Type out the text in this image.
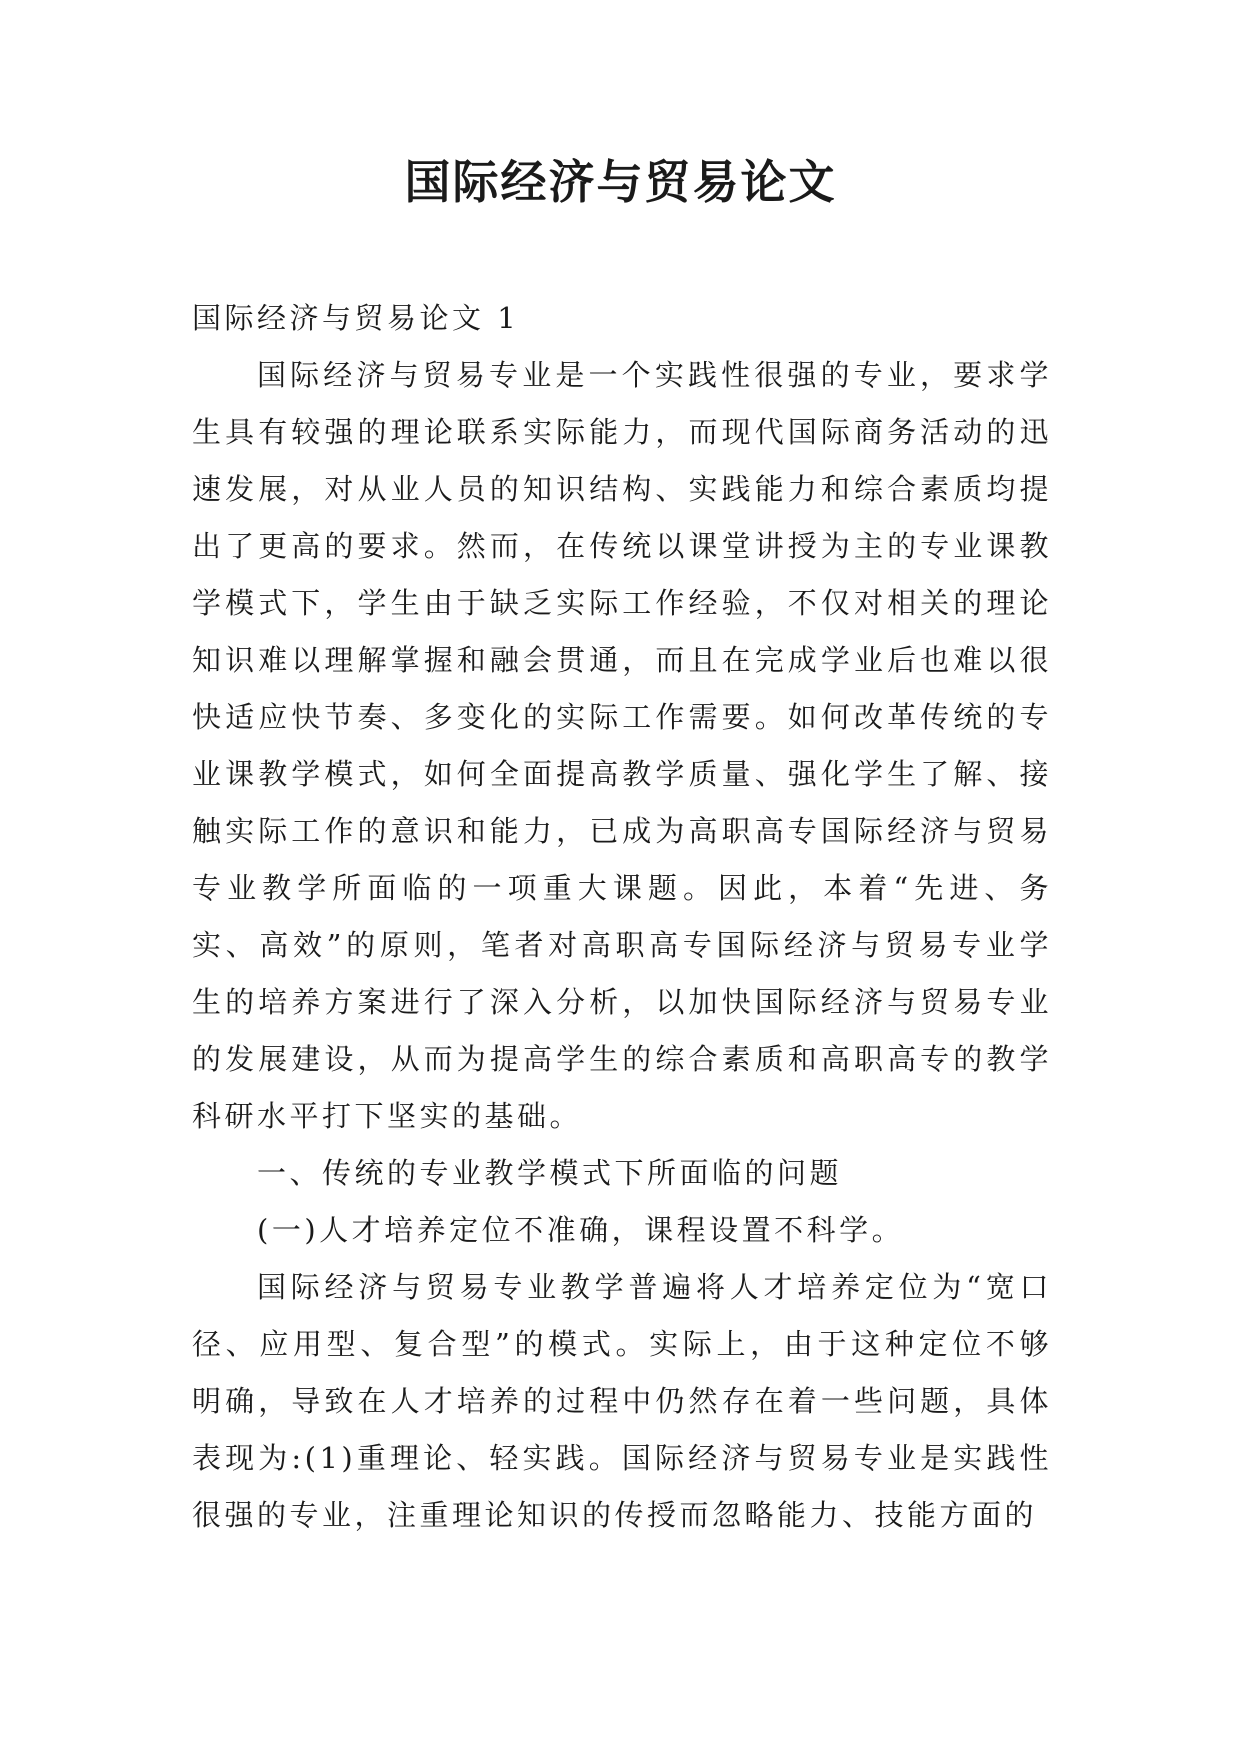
国际经济与贸易论文

国际经济与贸易论文 1

国际经济与贸易专业是一个实践性很强的专业，要求学生具有较强的理论联系实际能力，而现代国际商务活动的迅速发展，对从业人员的知识结构、实践能力和综合素质均提出了更高的要求。然而，在传统以课堂讲授为主的专业课教学模式下，学生由于缺乏实际工作经验，不仅对相关的理论知识难以理解掌握和融会贯通，而且在完成学业后也难以很快适应快节奏、多变化的实际工作需要。如何改革传统的专业课教学模式，如何全面提高教学质量、强化学生了解、接触实际工作的意识和能力，已成为高职高专国际经济与贸易专业教学所面临的一项重大课题。因此，本着“先进、务实、高效”的原则，笔者对高职高专国际经济与贸易专业学生的培养方案进行了深入分析，以加快国际经济与贸易专业的发展建设，从而为提高学生的综合素质和高职高专的教学科研水平打下坚实的基础。

一、传统的专业教学模式下所面临的问题

(一)人才培养定位不准确，课程设置不科学。

国际经济与贸易专业教学普遍将人才培养定位为“宽口径、应用型、复合型”的模式。实际上，由于这种定位不够明确，导致在人才培养的过程中仍然存在着一些问题，具体表现为:(1)重理论、轻实践。国际经济与贸易专业是实践性很强的专业，注重理论知识的传授而忽略能力、技能方面的
